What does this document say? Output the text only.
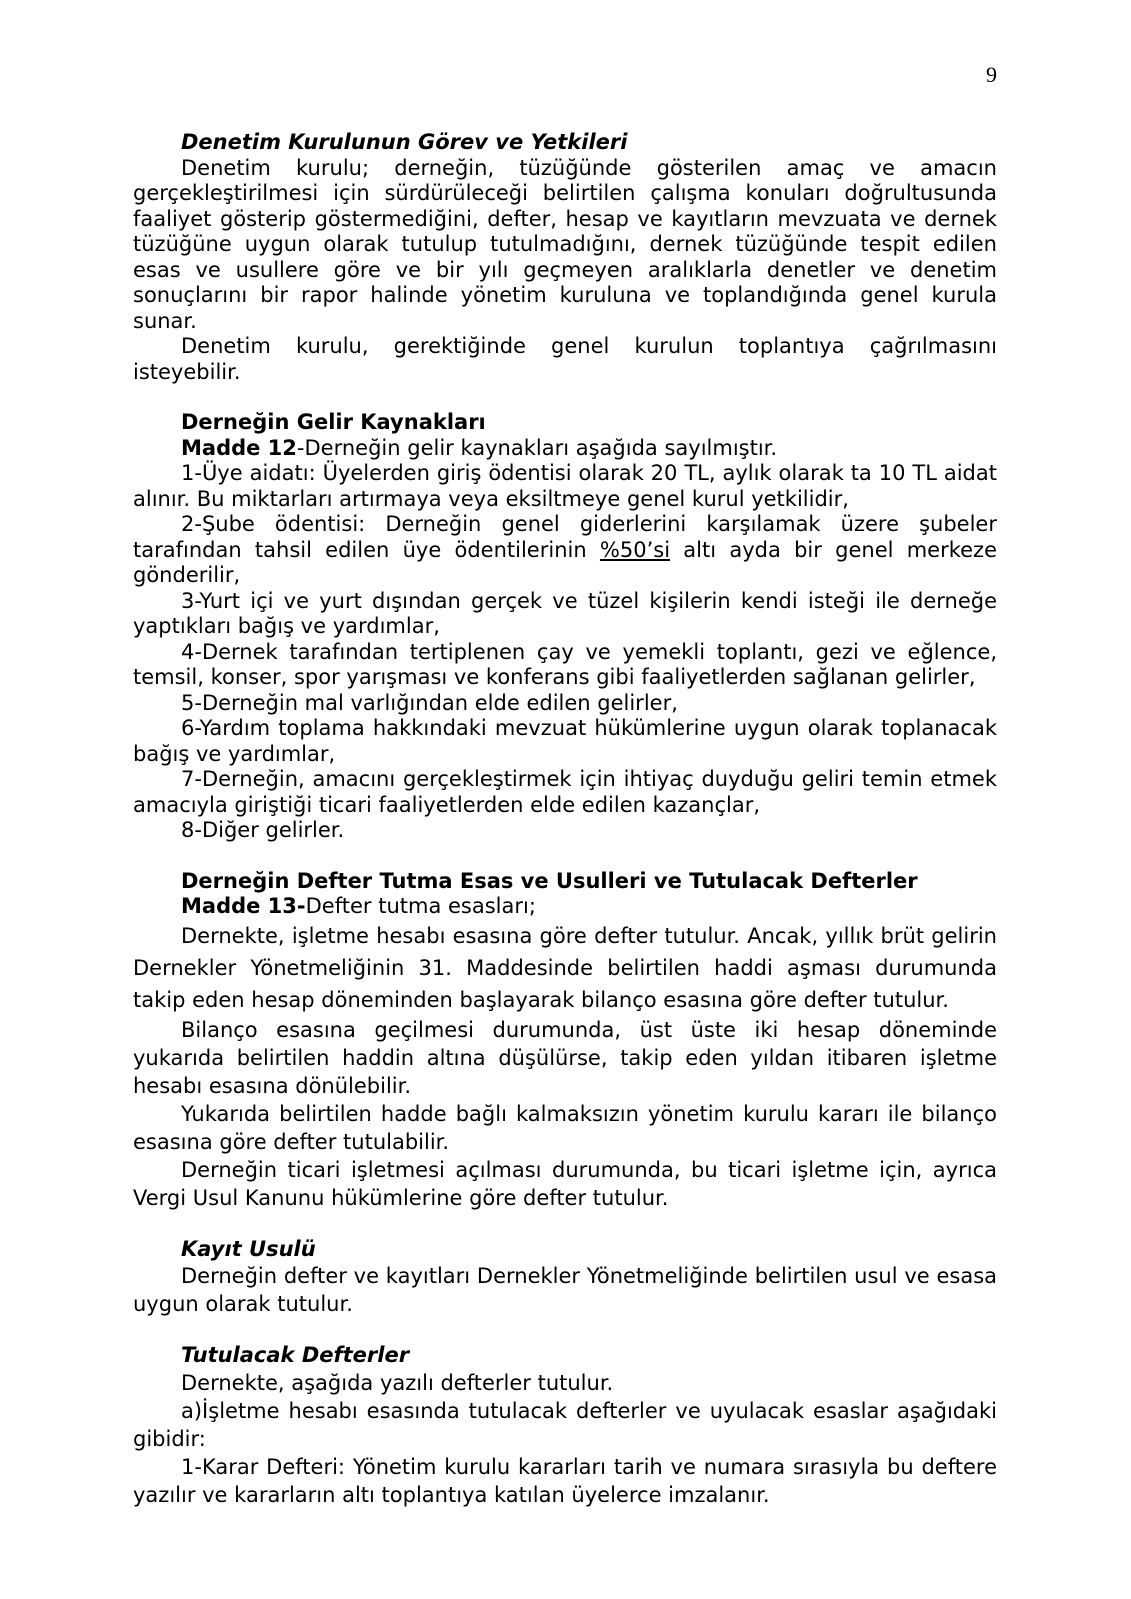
9

Denetim Kurulunun Görev ve Yetkileri

Denetim kurulu; derneğin, tüzüğünde gösterilen amaç ve amacın gerçekleştirilmesi için sürdürüleceği belirtilen çalışma konuları doğrultusunda faaliyet gösterip göstermediğini, defter, hesap ve kayıtların mevzuata ve dernek tüzüğüne uygun olarak tutulup tutulmadığını, dernek tüzüğünde tespit edilen esas ve usullere göre ve bir yılı geçmeyen aralıklarla denetler ve denetim sonuçlarını bir rapor halinde yönetim kuruluna ve toplandığında genel kurula sunar.

Denetim kurulu, gerektiğinde genel kurulun toplantıya çağrılmasını isteyebilir.

Derneğin Gelir Kaynakları

Madde 12-Derneğin gelir kaynakları aşağıda sayılmıştır.

1-Üye aidatı: Üyelerden giriş ödentisi olarak 20 TL, aylık olarak ta 10 TL aidat alınır. Bu miktarları artırmaya veya eksiltmeye genel kurul yetkilidir,

2-Şube ödentisi: Derneğin genel giderlerini karşılamak üzere şubeler tarafından tahsil edilen üye ödentilerinin %50’si altı ayda bir genel merkeze gönderilir,

3-Yurt içi ve yurt dışından gerçek ve tüzel kişilerin kendi isteği ile derneğe yaptıkları bağış ve yardımlar,

4-Dernek tarafından tertiplenen çay ve yemekli toplantı, gezi ve eğlence, temsil, konser, spor yarışması ve konferans gibi faaliyetlerden sağlanan gelirler,

5-Derneğin mal varlığından elde edilen gelirler,

6-Yardım toplama hakkındaki mevzuat hükümlerine uygun olarak toplanacak bağış ve yardımlar,

7-Derneğin, amacını gerçekleştirmek için ihtiyaç duyduğu geliri temin etmek amacıyla giriştiği ticari faaliyetlerden elde edilen kazançlar,

8-Diğer gelirler.

Derneğin Defter Tutma Esas ve Usulleri ve Tutulacak Defterler

Madde 13-Defter tutma esasları;

Dernekte, işletme hesabı esasına göre defter tutulur. Ancak, yıllık brüt gelirin Dernekler Yönetmeliğinin 31. Maddesinde belirtilen haddi aşması durumunda takip eden hesap döneminden başlayarak bilanço esasına göre defter tutulur.

Bilanço esasına geçilmesi durumunda, üst üste iki hesap döneminde yukarıda belirtilen haddin altına düşülürse, takip eden yıldan itibaren işletme hesabı esasına dönülebilir.

Yukarıda belirtilen hadde bağlı kalmaksızın yönetim kurulu kararı ile bilanço esasına göre defter tutulabilir.

Derneğin ticari işletmesi açılması durumunda, bu ticari işletme için, ayrıca Vergi Usul Kanunu hükümlerine göre defter tutulur.

Kayıt Usulü

Derneğin defter ve kayıtları Dernekler Yönetmeliğinde belirtilen usul ve esasa uygun olarak tutulur.

Tutulacak Defterler

Dernekte, aşağıda yazılı defterler tutulur.

a)İşletme hesabı esasında tutulacak defterler ve uyulacak esaslar aşağıdaki gibidir:

1-Karar Defteri: Yönetim kurulu kararları tarih ve numara sırasıyla bu deftere yazılır ve kararların altı toplantıya katılan üyelerce imzalanır.
